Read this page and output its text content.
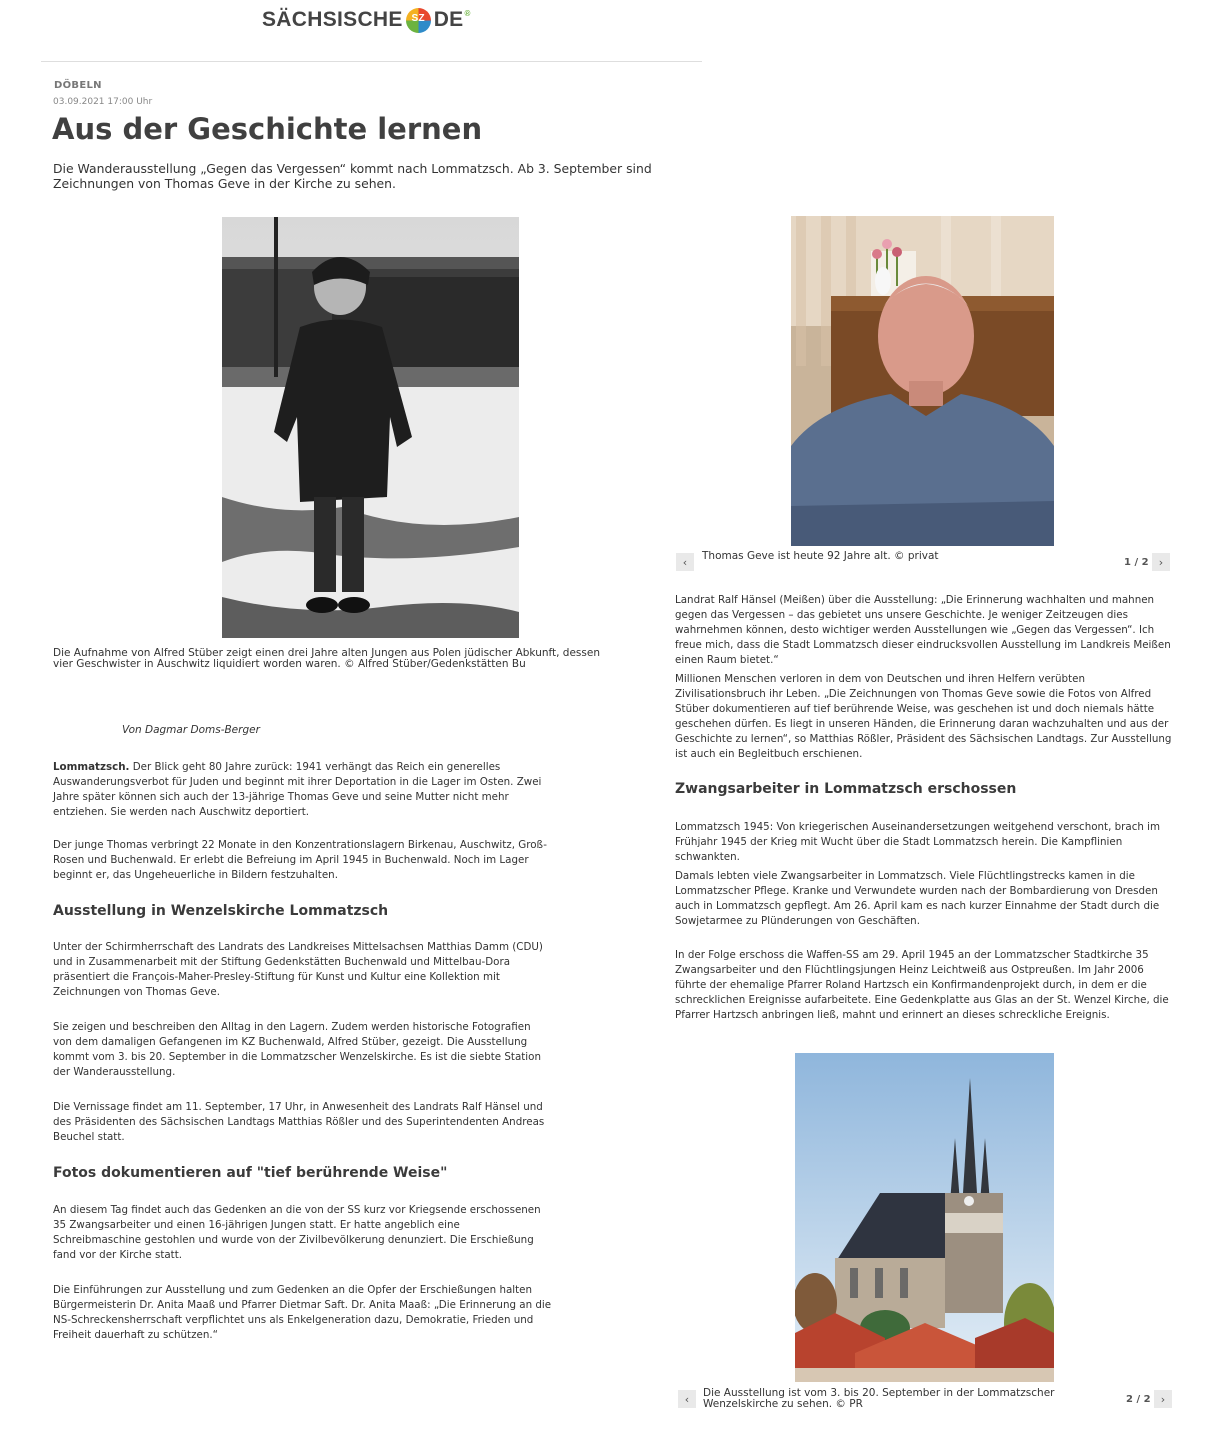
SÄCHSISCHE SZ DE ®
DÖBELN
03.09.2021 17:00 Uhr
Aus der Geschichte lernen
Die Wanderausstellung „Gegen das Vergessen“ kommt nach Lommatzsch. Ab 3. September sind Zeichnungen von Thomas Geve in der Kirche zu sehen.
Die Aufnahme von Alfred Stüber zeigt einen drei Jahre alten Jungen aus Polen jüdischer Abkunft, dessen vier Geschwister in Auschwitz liquidiert worden waren. © Alfred Stüber/Gedenkstätten Bu
Von Dagmar Doms-Berger
Lommatzsch. Der Blick geht 80 Jahre zurück: 1941 verhängt das Reich ein generelles Auswanderungsverbot für Juden und beginnt mit ihrer Deportation in die Lager im Osten. Zwei Jahre später können sich auch der 13-jährige Thomas Geve und seine Mutter nicht mehr entziehen. Sie werden nach Auschwitz deportiert.
Der junge Thomas verbringt 22 Monate in den Konzentrationslagern Birkenau, Auschwitz, Groß-Rosen und Buchenwald. Er erlebt die Befreiung im April 1945 in Buchenwald. Noch im Lager beginnt er, das Ungeheuerliche in Bildern festzuhalten.
Ausstellung in Wenzelskirche Lommatzsch
Unter der Schirmherrschaft des Landrats des Landkreises Mittelsachsen Matthias Damm (CDU) und in Zusammenarbeit mit der Stiftung Gedenkstätten Buchenwald und Mittelbau-Dora präsentiert die François-Maher-Presley-Stiftung für Kunst und Kultur eine Kollektion mit Zeichnungen von Thomas Geve.
Sie zeigen und beschreiben den Alltag in den Lagern. Zudem werden historische Fotografien von dem damaligen Gefangenen im KZ Buchenwald, Alfred Stüber, gezeigt. Die Ausstellung kommt vom 3. bis 20. September in die Lommatzscher Wenzelskirche. Es ist die siebte Station der Wanderausstellung.
Die Vernissage findet am 11. September, 17 Uhr, in Anwesenheit des Landrats Ralf Hänsel und des Präsidenten des Sächsischen Landtags Matthias Rößler und des Superintendenten Andreas Beuchel statt.
Fotos dokumentieren auf "tief berührende Weise"
An diesem Tag findet auch das Gedenken an die von der SS kurz vor Kriegsende erschossenen 35 Zwangsarbeiter und einen 16-jährigen Jungen statt. Er hatte angeblich eine Schreibmaschine gestohlen und wurde von der Zivilbevölkerung denunziert. Die Erschießung fand vor der Kirche statt.
Die Einführungen zur Ausstellung und zum Gedenken an die Opfer der Erschießungen halten Bürgermeisterin Dr. Anita Maaß und Pfarrer Dietmar Saft. Dr. Anita Maaß: „Die Erinnerung an die NS-Schreckensherrschaft verpflichtet uns als Enkelgeneration dazu, Demokratie, Frieden und Freiheit dauerhaft zu schützen.“
‹ Thomas Geve ist heute 92 Jahre alt. © privat
1 / 2 ›
Landrat Ralf Hänsel (Meißen) über die Ausstellung: „Die Erinnerung wachhalten und mahnen gegen das Vergessen – das gebietet uns unsere Geschichte. Je weniger Zeitzeugen dies wahrnehmen können, desto wichtiger werden Ausstellungen wie „Gegen das Vergessen“. Ich freue mich, dass die Stadt Lommatzsch dieser eindrucksvollen Ausstellung im Landkreis Meißen einen Raum bietet.“
Millionen Menschen verloren in dem von Deutschen und ihren Helfern verübten Zivilisationsbruch ihr Leben. „Die Zeichnungen von Thomas Geve sowie die Fotos von Alfred Stüber dokumentieren auf tief berührende Weise, was geschehen ist und doch niemals hätte geschehen dürfen. Es liegt in unseren Händen, die Erinnerung daran wachzuhalten und aus der Geschichte zu lernen“, so Matthias Rößler, Präsident des Sächsischen Landtags. Zur Ausstellung ist auch ein Begleitbuch erschienen.
Zwangsarbeiter in Lommatzsch erschossen
Lommatzsch 1945: Von kriegerischen Auseinandersetzungen weitgehend verschont, brach im Frühjahr 1945 der Krieg mit Wucht über die Stadt Lommatzsch herein. Die Kampflinien schwankten.
Damals lebten viele Zwangsarbeiter in Lommatzsch. Viele Flüchtlingstrecks kamen in die Lommatzscher Pflege. Kranke und Verwundete wurden nach der Bombardierung von Dresden auch in Lommatzsch gepflegt. Am 26. April kam es nach kurzer Einnahme der Stadt durch die Sowjetarmee zu Plünderungen von Geschäften.
In der Folge erschoss die Waffen-SS am 29. April 1945 an der Lommatzscher Stadtkirche 35 Zwangsarbeiter und den Flüchtlingsjungen Heinz Leichtweiß aus Ostpreußen. Im Jahr 2006 führte der ehemalige Pfarrer Roland Hartzsch ein Konfirmandenprojekt durch, in dem er die schrecklichen Ereignisse aufarbeitete. Eine Gedenkplatte aus Glas an der St. Wenzel Kirche, die Pfarrer Hartzsch anbringen ließ, mahnt und erinnert an dieses schreckliche Ereignis.
‹ Die Ausstellung ist vom 3. bis 20. September in der Lommatzscher Wenzelskirche zu sehen. © PR	2 / 2 ›
